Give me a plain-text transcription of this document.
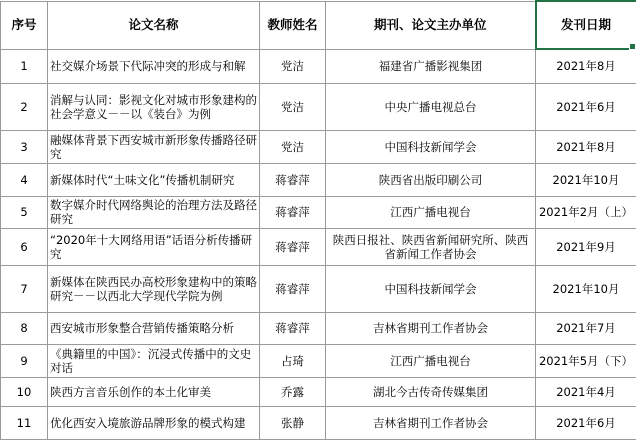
序号	论文名称	教师姓名	期刊、论文主办单位	发刊日期
1	社交媒介场景下代际冲突的形成与和解	党洁	福建省广播影视集团	2021年8月
2	消解与认同：影视文化对城市形象建构的社会学意义－－以《装台》为例	党洁	中央广播电视总台	2021年6月
3	融媒体背景下西安城市新形象传播路径研究	党洁	中国科技新闻学会	2021年8月
4	新媒体时代“土味文化”传播机制研究	蒋睿萍	陕西省出版印刷公司	2021年10月
5	数字媒介时代网络舆论的治理方法及路径研究	蒋睿萍	江西广播电视台	2021年2月（上）
6	“2020年十大网络用语”话语分析传播研究	蒋睿萍	陕西日报社、陕西省新闻研究所、陕西省新闻工作者协会	2021年9月
7	新媒体在陕西民办高校形象建构中的策略研究－－以西北大学现代学院为例	蒋睿萍	中国科技新闻学会	2021年10月
8	西安城市形象整合营销传播策略分析	蒋睿萍	吉林省期刊工作者协会	2021年7月
9	《典籍里的中国》：沉浸式传播中的文史对话	占琦	江西广播电视台	2021年5月（下）
10	陕西方言音乐创作的本土化审美	乔露	湖北今古传奇传媒集团	2021年4月
11	优化西安入境旅游品牌形象的模式构建	张静	吉林省期刊工作者协会	2021年6月
